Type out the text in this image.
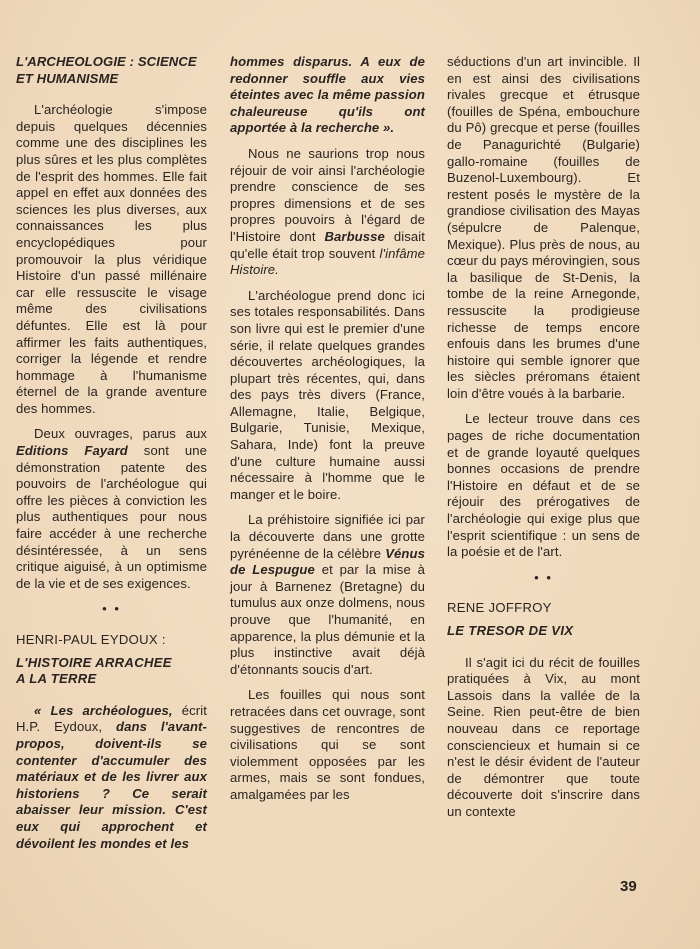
L'ARCHEOLOGIE : SCIENCE
ET HUMANISME

L'archéologie s'impose depuis quelques décennies comme une des disciplines les plus sûres et les plus complètes de l'esprit des hommes. Elle fait appel en effet aux données des sciences les plus diverses, aux connaissances les plus encyclopédiques pour promouvoir la plus véridique Histoire d'un passé millénaire car elle ressuscite le visage même des civilisations défuntes. Elle est là pour affirmer les faits authentiques, corriger la légende et rendre hommage à l'humanisme éternel de la grande aventure des hommes.

Deux ouvrages, parus aux Editions Fayard sont une démonstration patente des pouvoirs de l'archéologue qui offre les pièces à conviction les plus authentiques pour nous faire accéder à une recherche désintéressée, à un sens critique aiguisé, à un optimisme de la vie et de ses exigences.

• •
HENRI-PAUL EYDOUX :
L'HISTOIRE ARRACHEE
A LA TERRE

« Les archéologues, écrit H.P. Eydoux, dans l'avant-propos, doivent-ils se contenter d'accumuler des matériaux et de les livrer aux historiens ? Ce serait abaisser leur mission. C'est eux qui approchent et dévoilent les mondes et les

hommes disparus. A eux de redonner souffle aux vies éteintes avec la même passion chaleureuse qu'ils ont apportée à la recherche ».

Nous ne saurions trop nous réjouir de voir ainsi l'archéologie prendre conscience de ses propres dimensions et de ses propres pouvoirs à l'égard de l'Histoire dont Barbusse disait qu'elle était trop souvent l'infâme Histoire.

L'archéologue prend donc ici ses totales responsabilités. Dans son livre qui est le premier d'une série, il relate quelques grandes découvertes archéologiques, la plupart très récentes, qui, dans des pays très divers (France, Allemagne, Italie, Belgique, Bulgarie, Tunisie, Mexique, Sahara, Inde) font la preuve d'une culture humaine aussi nécessaire à l'homme que le manger et le boire.

La préhistoire signifiée ici par la découverte dans une grotte pyrénéenne de la célèbre Vénus de Lespugue et par la mise à jour à Barnenez (Bretagne) du tumulus aux onze dolmens, nous prouve que l'humanité, en apparence, la plus démunie et la plus instinctive avait déjà d'étonnants soucis d'art.

Les fouilles qui nous sont retracées dans cet ouvrage, sont suggestives de rencontres de civilisations qui se sont violemment opposées par les armes, mais se sont fondues, amalgamées par les

séductions d'un art invincible. Il en est ainsi des civilisations rivales grecque et étrusque (fouilles de Spéna, embouchure du Pô) grecque et perse (fouilles de Panagurichté (Bulgarie) gallo-romaine (fouilles de Buzenol-Luxembourg). Et restent posés le mystère de la grandiose civilisation des Mayas (sépulcre de Palenque, Mexique). Plus près de nous, au cœur du pays mérovingien, sous la basilique de St-Denis, la tombe de la reine Arnegonde, ressuscite la prodigieuse richesse de temps encore enfouis dans les brumes d'une histoire qui semble ignorer que les siècles préromans étaient loin d'être voués à la barbarie.

Le lecteur trouve dans ces pages de riche documentation et de grande loyauté quelques bonnes occasions de prendre l'Histoire en défaut et de se réjouir des prérogatives de l'archéologie qui exige plus que l'esprit scientifique : un sens de la poésie et de l'art.

• •
RENE JOFFROY
LE TRESOR DE VIX

Il s'agit ici du récit de fouilles pratiquées à Vix, au mont Lassois dans la vallée de la Seine. Rien peut-être de bien nouveau dans ce reportage consciencieux et humain si ce n'est le désir évident de l'auteur de démontrer que toute découverte doit s'inscrire dans un contexte

39
